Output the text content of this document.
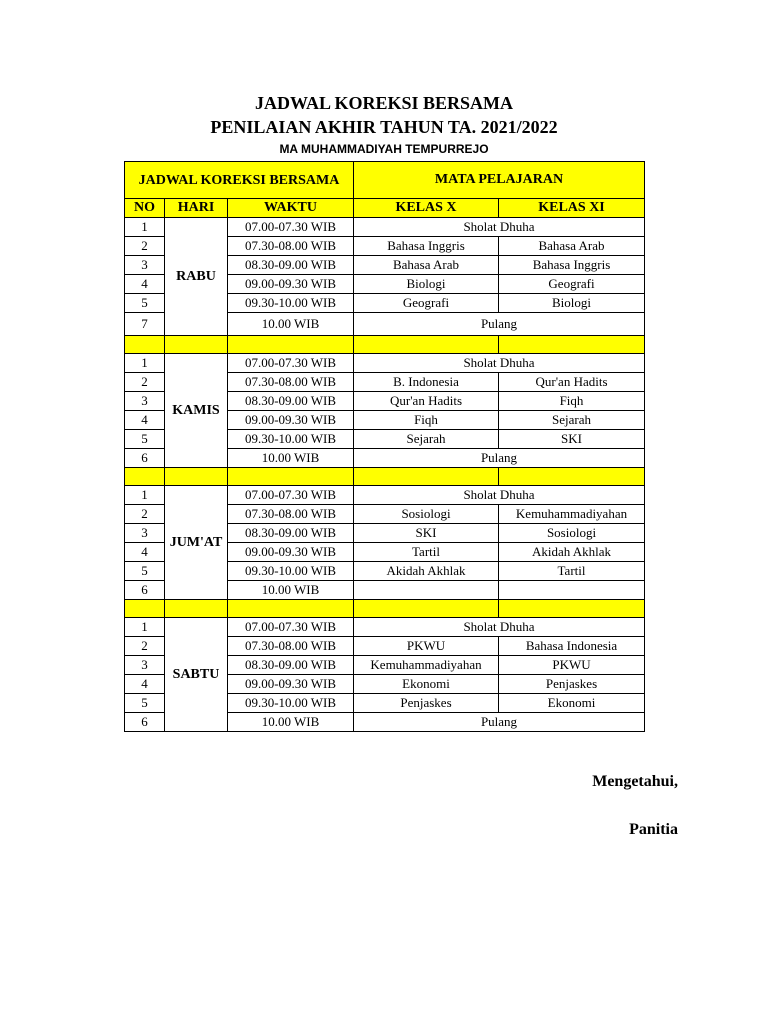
JADWAL KOREKSI BERSAMA
PENILAIAN AKHIR TAHUN TA. 2021/2022
MA MUHAMMADIYAH TEMPURREJO
JADWAL KOREKSI BERSAMA			MATA PELAJARAN	
NO	HARI	WAKTU	KELAS X	KELAS XI
1	RABU	07.00-07.30 WIB	Sholat Dhuha	
2		07.30-08.00 WIB	Bahasa Inggris	Bahasa Arab
3		08.30-09.00 WIB	Bahasa Arab	Bahasa Inggris
4		09.00-09.30 WIB	Biologi	Geografi
5		09.30-10.00 WIB	Geografi	Biologi
7		10.00 WIB	Pulang	

1	KAMIS	07.00-07.30 WIB	Sholat Dhuha	
2		07.30-08.00 WIB	B. Indonesia	Qur'an Hadits
3		08.30-09.00 WIB	Qur'an Hadits	Fiqh
4		09.00-09.30 WIB	Fiqh	Sejarah
5		09.30-10.00 WIB	Sejarah	SKI
6		10.00 WIB	Pulang	

1	JUM'AT	07.00-07.30 WIB	Sholat Dhuha	
2		07.30-08.00 WIB	Sosiologi	Kemuhammadiyahan
3		08.30-09.00 WIB	SKI	Sosiologi
4		09.00-09.30 WIB	Tartil	Akidah Akhlak
5		09.30-10.00 WIB	Akidah Akhlak	Tartil
6		10.00 WIB		

1	SABTU	07.00-07.30 WIB	Sholat Dhuha	
2		07.30-08.00 WIB	PKWU	Bahasa Indonesia
3		08.30-09.00 WIB	Kemuhammadiyahan	PKWU
4		09.00-09.30 WIB	Ekonomi	Penjaskes
5		09.30-10.00 WIB	Penjaskes	Ekonomi
6		10.00 WIB	Pulang	
Mengetahui,
Panitia
